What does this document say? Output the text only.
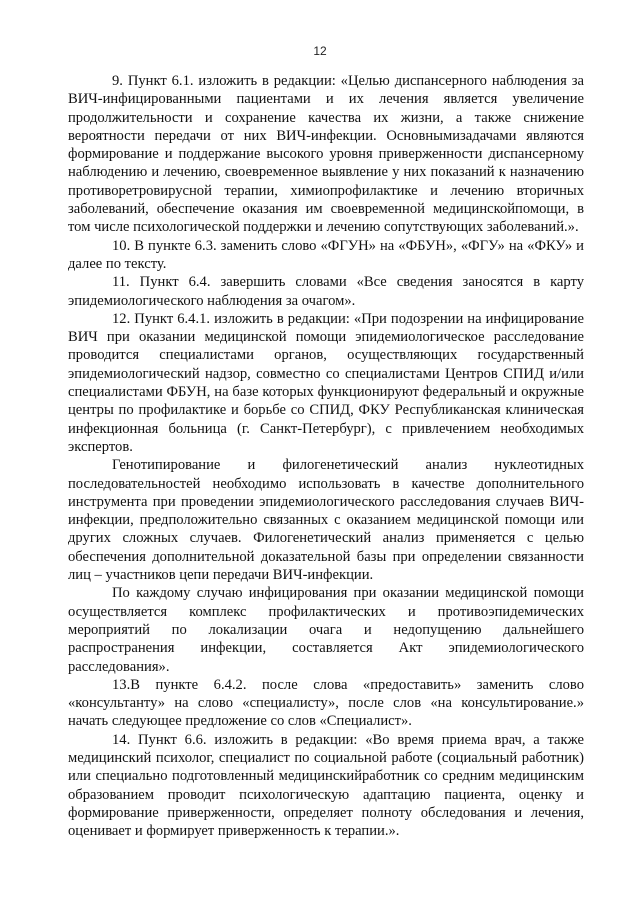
12

9. Пункт 6.1. изложить в редакции: «Целью диспансерного наблюдения за ВИЧ-инфицированными пациентами и их лечения является увеличение продолжительности и сохранение качества их жизни, а также снижение вероятности передачи от них ВИЧ-инфекции. Основнымизадачами являются формирование и поддержание высокого уровня приверженности диспансерному наблюдению и лечению, своевременное выявление у них показаний к назначению противоретровирусной терапии, химиопрофилактике и лечению вторичных заболеваний, обеспечение оказания им своевременной медицинскойпомощи, в том числе психологической поддержки и лечению сопутствующих заболеваний.».

10. В пункте 6.3. заменить слово «ФГУН» на «ФБУН», «ФГУ» на «ФКУ» и далее по тексту.

11. Пункт 6.4. завершить словами «Все сведения заносятся в карту эпидемиологического наблюдения за очагом».

12. Пункт 6.4.1. изложить в редакции: «При подозрении на инфицирование ВИЧ при оказании медицинской помощи эпидемиологическое расследование проводится специалистами органов, осуществляющих государственный эпидемиологический надзор, совместно со специалистами Центров СПИД и/или специалистами ФБУН, на базе которых функционируют федеральный и окружные центры по профилактике и борьбе со СПИД, ФКУ Республиканская клиническая инфекционная больница (г. Санкт-Петербург), с привлечением необходимых экспертов.

Генотипирование и филогенетический анализ нуклеотидных последовательностей необходимо использовать в качестве дополнительного инструмента при проведении эпидемиологического расследования случаев ВИЧ-инфекции, предположительно связанных с оказанием медицинской помощи или других сложных случаев. Филогенетический анализ применяется с целью обеспечения дополнительной доказательной базы при определении связанности лиц – участников цепи передачи ВИЧ-инфекции.

По каждому случаю инфицирования при оказании медицинской помощи осуществляется комплекс профилактических и противоэпидемических мероприятий по локализации очага и недопущению дальнейшего распространения инфекции, составляется Акт эпидемиологического расследования».

13.В пункте 6.4.2. после слова «предоставить» заменить слово «консультанту» на слово «специалисту», после слов «на консультирование.» начать следующее предложение со слов «Специалист».

14. Пункт 6.6. изложить в редакции: «Во время приема врач, а также медицинский психолог, специалист по социальной работе (социальный работник) или специально подготовленный медицинскийработник со средним медицинским образованием проводит психологическую адаптацию пациента, оценку и формирование приверженности, определяет полноту обследования и лечения, оценивает и формирует приверженность к терапии.».
